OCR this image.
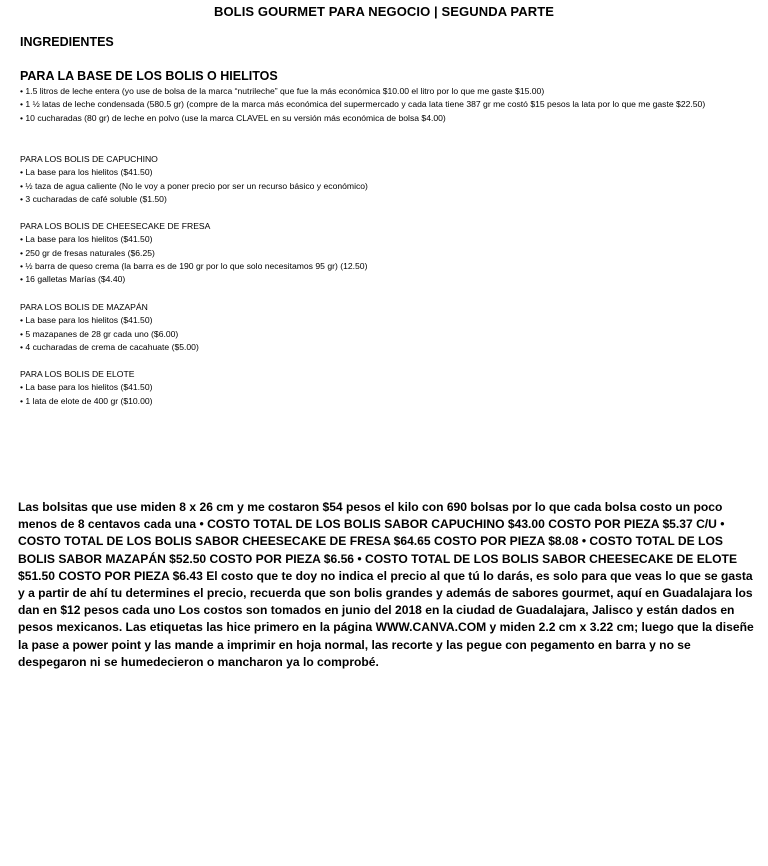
BOLIS GOURMET PARA NEGOCIO | SEGUNDA PARTE
INGREDIENTES
PARA LA BASE DE LOS BOLIS O HIELITOS
• 1.5 litros de leche entera (yo use de bolsa de la marca “nutrileche” que fue la más económica $10.00 el litro por lo que me gaste $15.00)
• 1 ½ latas de leche condensada (580.5 gr) (compre de la marca más económica del supermercado y cada lata tiene 387 gr me costó $15 pesos la lata por lo que me gaste $22.50)
• 10 cucharadas (80 gr) de leche en polvo (use la marca CLAVEL en su versión más económica de bolsa $4.00)
PARA LOS BOLIS DE CAPUCHINO
• La base para los hielitos ($41.50)
• ½ taza de agua caliente (No le voy a poner precio por ser un recurso básico y económico)
• 3 cucharadas de café soluble ($1.50)
PARA LOS BOLIS DE CHEESECAKE DE FRESA
• La base para los hielitos ($41.50)
• 250 gr de fresas naturales ($6.25)
• ½ barra de queso crema (la barra es de 190 gr por lo que solo necesitamos 95 gr) (12.50)
• 16 galletas Marías ($4.40)
PARA LOS BOLIS DE MAZAPÁN
• La base para los hielitos ($41.50)
• 5 mazapanes de 28 gr cada uno ($6.00)
• 4 cucharadas de crema de cacahuate ($5.00)
PARA LOS BOLIS DE ELOTE
• La base para los hielitos ($41.50)
• 1 lata de elote de 400 gr ($10.00)
Las bolsitas que use miden 8 x 26 cm y me costaron $54 pesos el kilo con 690 bolsas por lo que cada bolsa costo un poco menos de 8 centavos cada una • COSTO TOTAL DE LOS BOLIS SABOR CAPUCHINO $43.00 COSTO POR PIEZA $5.37 C/U • COSTO TOTAL DE LOS BOLIS SABOR CHEESECAKE DE FRESA $64.65 COSTO POR PIEZA $8.08 • COSTO TOTAL DE LOS BOLIS SABOR MAZAPÁN $52.50 COSTO POR PIEZA $6.56 • COSTO TOTAL DE LOS BOLIS SABOR CHEESECAKE DE ELOTE $51.50 COSTO POR PIEZA $6.43 El costo que te doy no indica el precio al que tú lo darás, es solo para que veas lo que se gasta y a partir de ahí tu determines el precio, recuerda que son bolis grandes y además de sabores gourmet, aquí en Guadalajara los dan en $12 pesos cada uno Los costos son tomados en junio del 2018 en la ciudad de Guadalajara, Jalisco y están dados en pesos mexicanos. Las etiquetas las hice primero en la página WWW.CANVA.COM y miden 2.2 cm x 3.22 cm; luego que la diseñe la pase a power point y las mande a imprimir en hoja normal, las recorte y las pegue con pegamento en barra y no se despegaron ni se humedecieron o mancharon ya lo comprobé.
